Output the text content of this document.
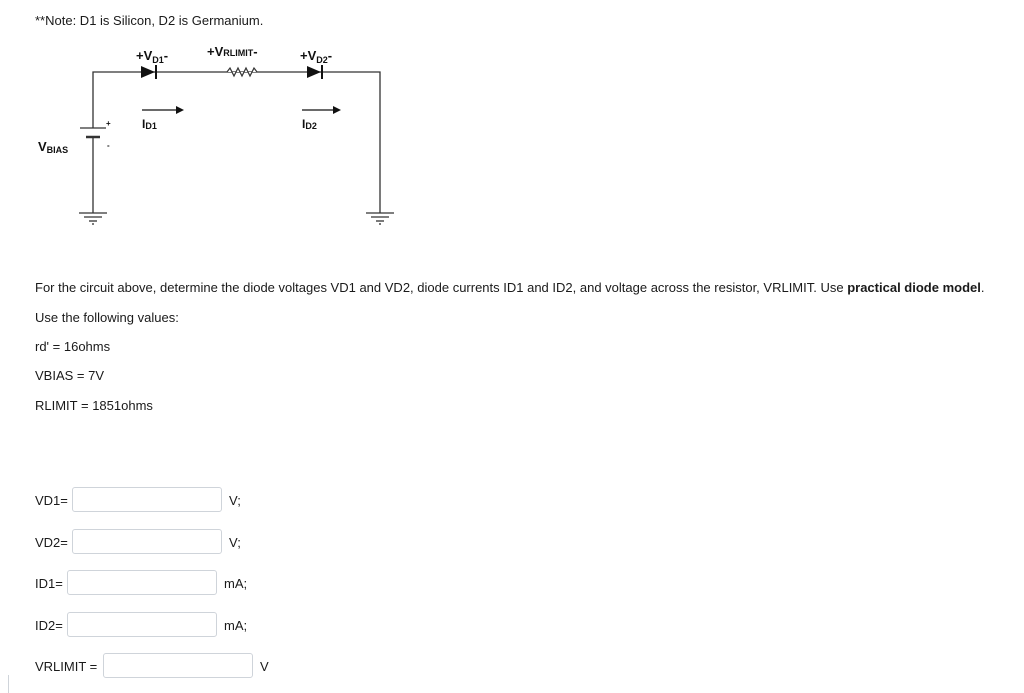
**Note: D1 is Silicon, D2 is Germanium.
$+V_{D1}-$	+VRLIMIT-	$+V_{D2}-$
ID1	ID2
VBIAS
+
-
For the circuit above, determine the diode voltages VD1 and VD2, diode currents ID1 and ID2, and voltage across the resistor, VRLIMIT. Use practical diode model.
Use the following values:
rd' = 16ohms
VBIAS = 7V
RLIMIT = 1851ohms
VD1=	V;
VD2=	V;
ID1=	mA;
ID2=	mA;
VRLIMIT =	V
